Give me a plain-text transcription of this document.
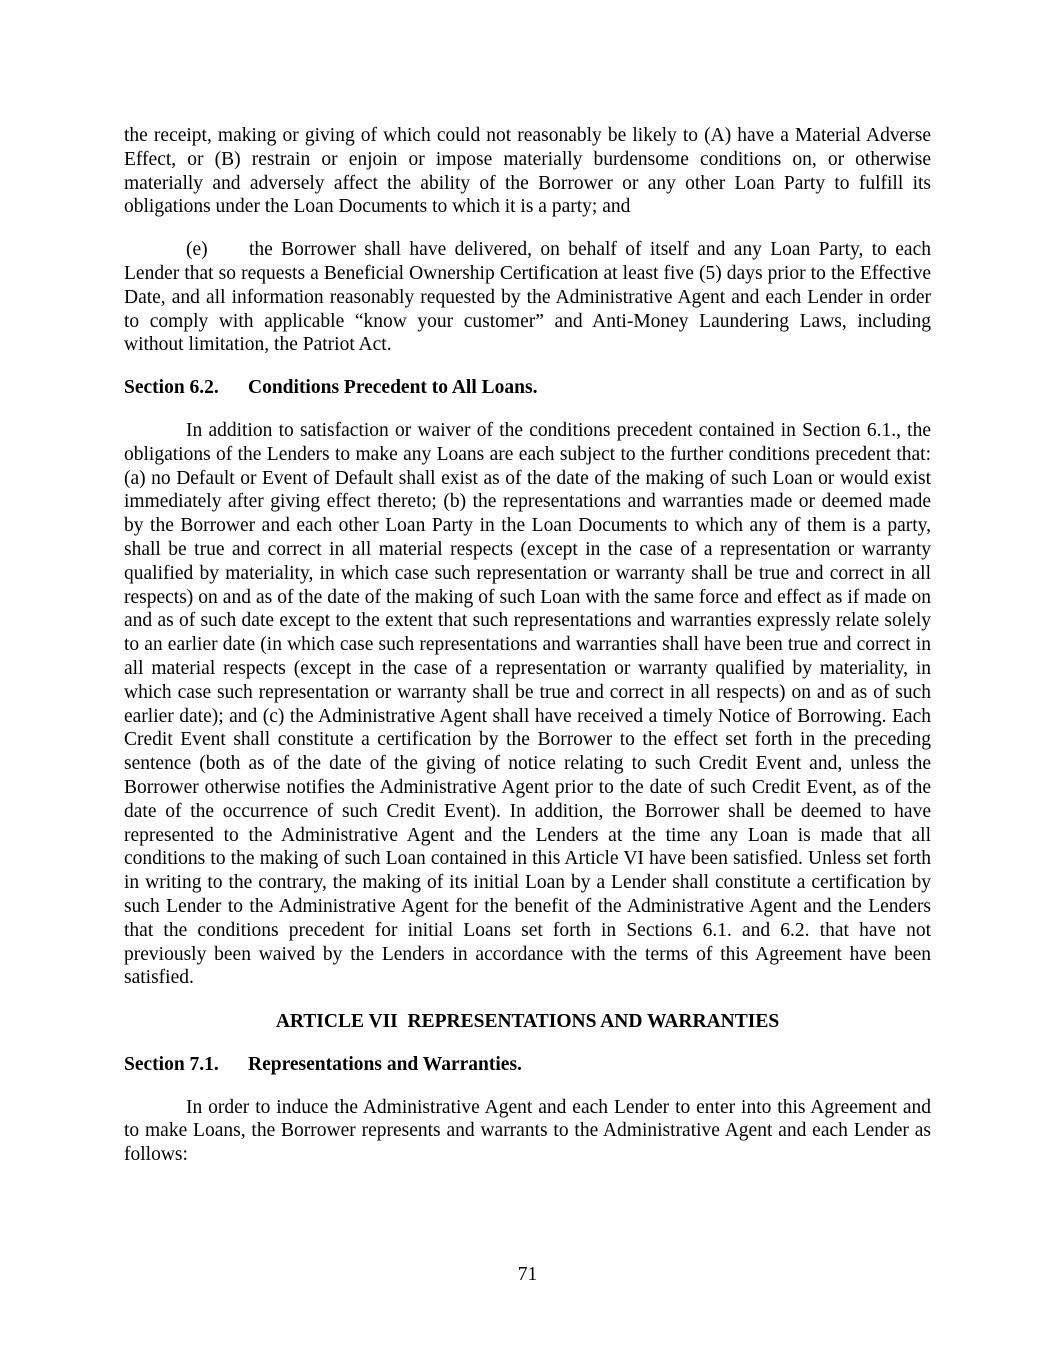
the receipt, making or giving of which could not reasonably be likely to (A) have a Material Adverse Effect, or (B) restrain or enjoin or impose materially burdensome conditions on, or otherwise materially and adversely affect the ability of the Borrower or any other Loan Party to fulfill its obligations under the Loan Documents to which it is a party; and

(e) the Borrower shall have delivered, on behalf of itself and any Loan Party, to each Lender that so requests a Beneficial Ownership Certification at least five (5) days prior to the Effective Date, and all information reasonably requested by the Administrative Agent and each Lender in order to comply with applicable “know your customer” and Anti-Money Laundering Laws, including without limitation, the Patriot Act.

Section 6.2. Conditions Precedent to All Loans.

In addition to satisfaction or waiver of the conditions precedent contained in Section 6.1., the obligations of the Lenders to make any Loans are each subject to the further conditions precedent that: (a) no Default or Event of Default shall exist as of the date of the making of such Loan or would exist immediately after giving effect thereto; (b) the representations and warranties made or deemed made by the Borrower and each other Loan Party in the Loan Documents to which any of them is a party, shall be true and correct in all material respects (except in the case of a representation or warranty qualified by materiality, in which case such representation or warranty shall be true and correct in all respects) on and as of the date of the making of such Loan with the same force and effect as if made on and as of such date except to the extent that such representations and warranties expressly relate solely to an earlier date (in which case such representations and warranties shall have been true and correct in all material respects (except in the case of a representation or warranty qualified by materiality, in which case such representation or warranty shall be true and correct in all respects) on and as of such earlier date); and (c) the Administrative Agent shall have received a timely Notice of Borrowing. Each Credit Event shall constitute a certification by the Borrower to the effect set forth in the preceding sentence (both as of the date of the giving of notice relating to such Credit Event and, unless the Borrower otherwise notifies the Administrative Agent prior to the date of such Credit Event, as of the date of the occurrence of such Credit Event). In addition, the Borrower shall be deemed to have represented to the Administrative Agent and the Lenders at the time any Loan is made that all conditions to the making of such Loan contained in this Article VI have been satisfied. Unless set forth in writing to the contrary, the making of its initial Loan by a Lender shall constitute a certification by such Lender to the Administrative Agent for the benefit of the Administrative Agent and the Lenders that the conditions precedent for initial Loans set forth in Sections 6.1. and 6.2. that have not previously been waived by the Lenders in accordance with the terms of this Agreement have been satisfied.

ARTICLE VII  REPRESENTATIONS AND WARRANTIES
Section 7.1. Representations and Warranties.

In order to induce the Administrative Agent and each Lender to enter into this Agreement and to make Loans, the Borrower represents and warrants to the Administrative Agent and each Lender as follows:

71
